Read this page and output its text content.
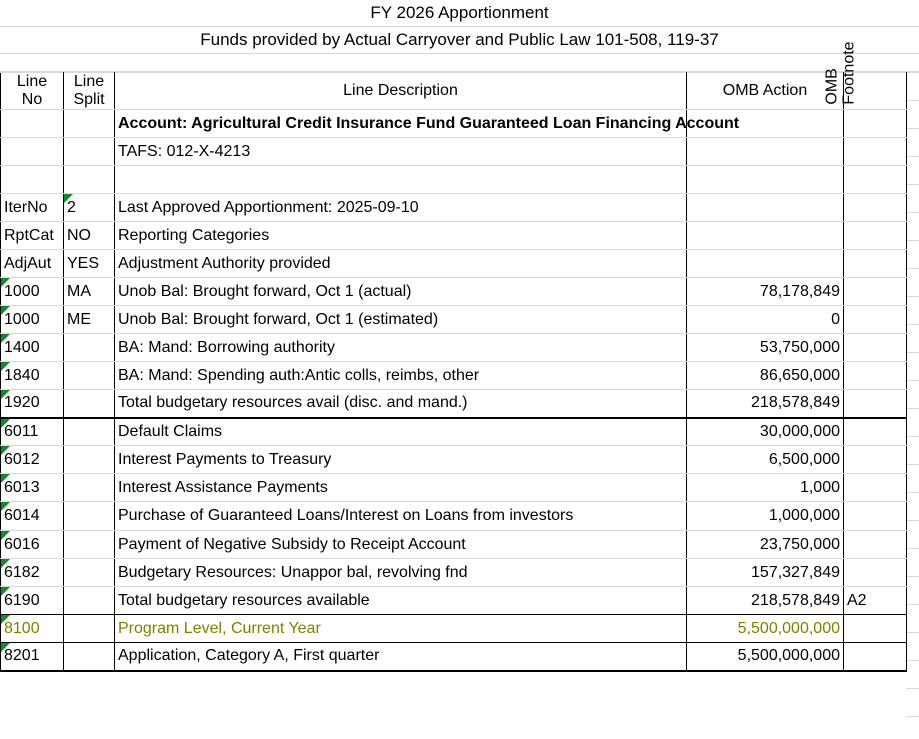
FY 2026 Apportionment
Funds provided by Actual Carryover and Public Law 101-508, 119-37
Line
No

Line
Split
	Line Description	OMB Action	OMB Footnote

		Account: Agricultural Credit Insurance Fund Guaranteed Loan Financing Account		

		TAFS: 012-X-4213		

IterNo	2	Last Approved Apportionment: 2025-09-10		
RptCat	NO	Reporting Categories		
AdjAut	YES	Adjustment Authority provided		

1000	MA	Unob Bal: Brought forward, Oct 1 (actual)	78,178,849	

1000	ME	Unob Bal: Brought forward, Oct 1 (estimated)	0	

1400		BA: Mand: Borrowing authority	53,750,000	

1840		BA: Mand: Spending auth:Antic colls, reimbs, other	86,650,000	

1920		Total budgetary resources avail (disc. and mand.)	218,578,849	

6011		Default Claims	30,000,000	

6012		Interest Payments to Treasury	6,500,000	

6013		Interest Assistance Payments	1,000	

6014		Purchase of Guaranteed Loans/Interest on Loans from investors	1,000,000	

6016		Payment of Negative Subsidy to Receipt Account	23,750,000	

6182		Budgetary Resources: Unappor bal, revolving fnd	157,327,849	

6190		Total budgetary resources available	218,578,849	A2

8100		Program Level, Current Year	5,500,000,000	

8201		Application, Category A, First quarter	5,500,000,000	
